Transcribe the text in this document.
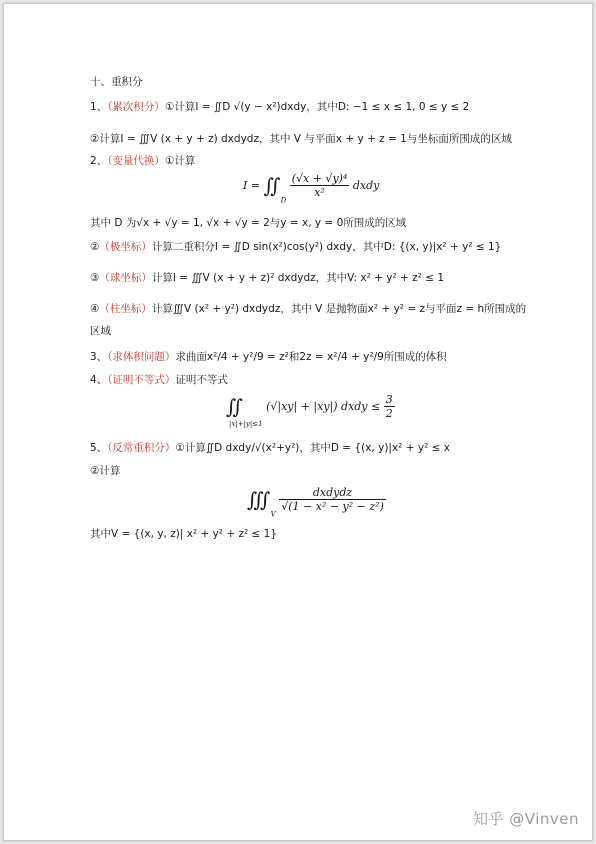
十、重积分
1、（累次积分）①计算I = ∬D √(y − x²)dxdy，其中D: −1 ≤ x ≤ 1, 0 ≤ y ≤ 2
②计算I = ∭V (x + y + z) dxdydz，其中 V 与平面x + y + z = 1与坐标面所围成的区域
2、（变量代换）①计算
$I = ∬_D$
$\frac{\text{(√x + √y)⁴}}{\text{x²}}$ dxdy
其中 D 为√x + √y = 1, √x + √y = 2与y = x, y = 0所围成的区域
②（极坐标）计算二重积分I = ∬D sin(x²)cos(y²) dxdy，其中D: {(x, y)|x² + y² ≤ 1}
③（球坐标）计算I = ∭V (x + y + z)² dxdydz，其中V: x² + y² + z² ≤ 1
④（柱坐标）计算∭V (x² + y²) dxdydz，其中 V 是抛物面x² + y² = z与平面z = h所围成的
区域
3、（求体积问题）求曲面x²/4 + y²/9 = z²和2z = x²/4 + y²/9所围成的体积
4、（证明不等式）证明不等式
$∬_{|x|+|y|\le 1}$ (√|xy| + |xy|) dxdy ≤ $\frac{3}{2}$
5、（反常重积分）①计算∬D dxdy/√(x²+y²)，其中D = {(x, y)|x² + y² ≤ x
②计算
$∭_V$
$\frac{\text{dxdydz}}{\text{√(1 − x² − y² − z²)}}$
其中V = {(x, y, z)| x² + y² + z² ≤ 1}
知乎 @Vinven
